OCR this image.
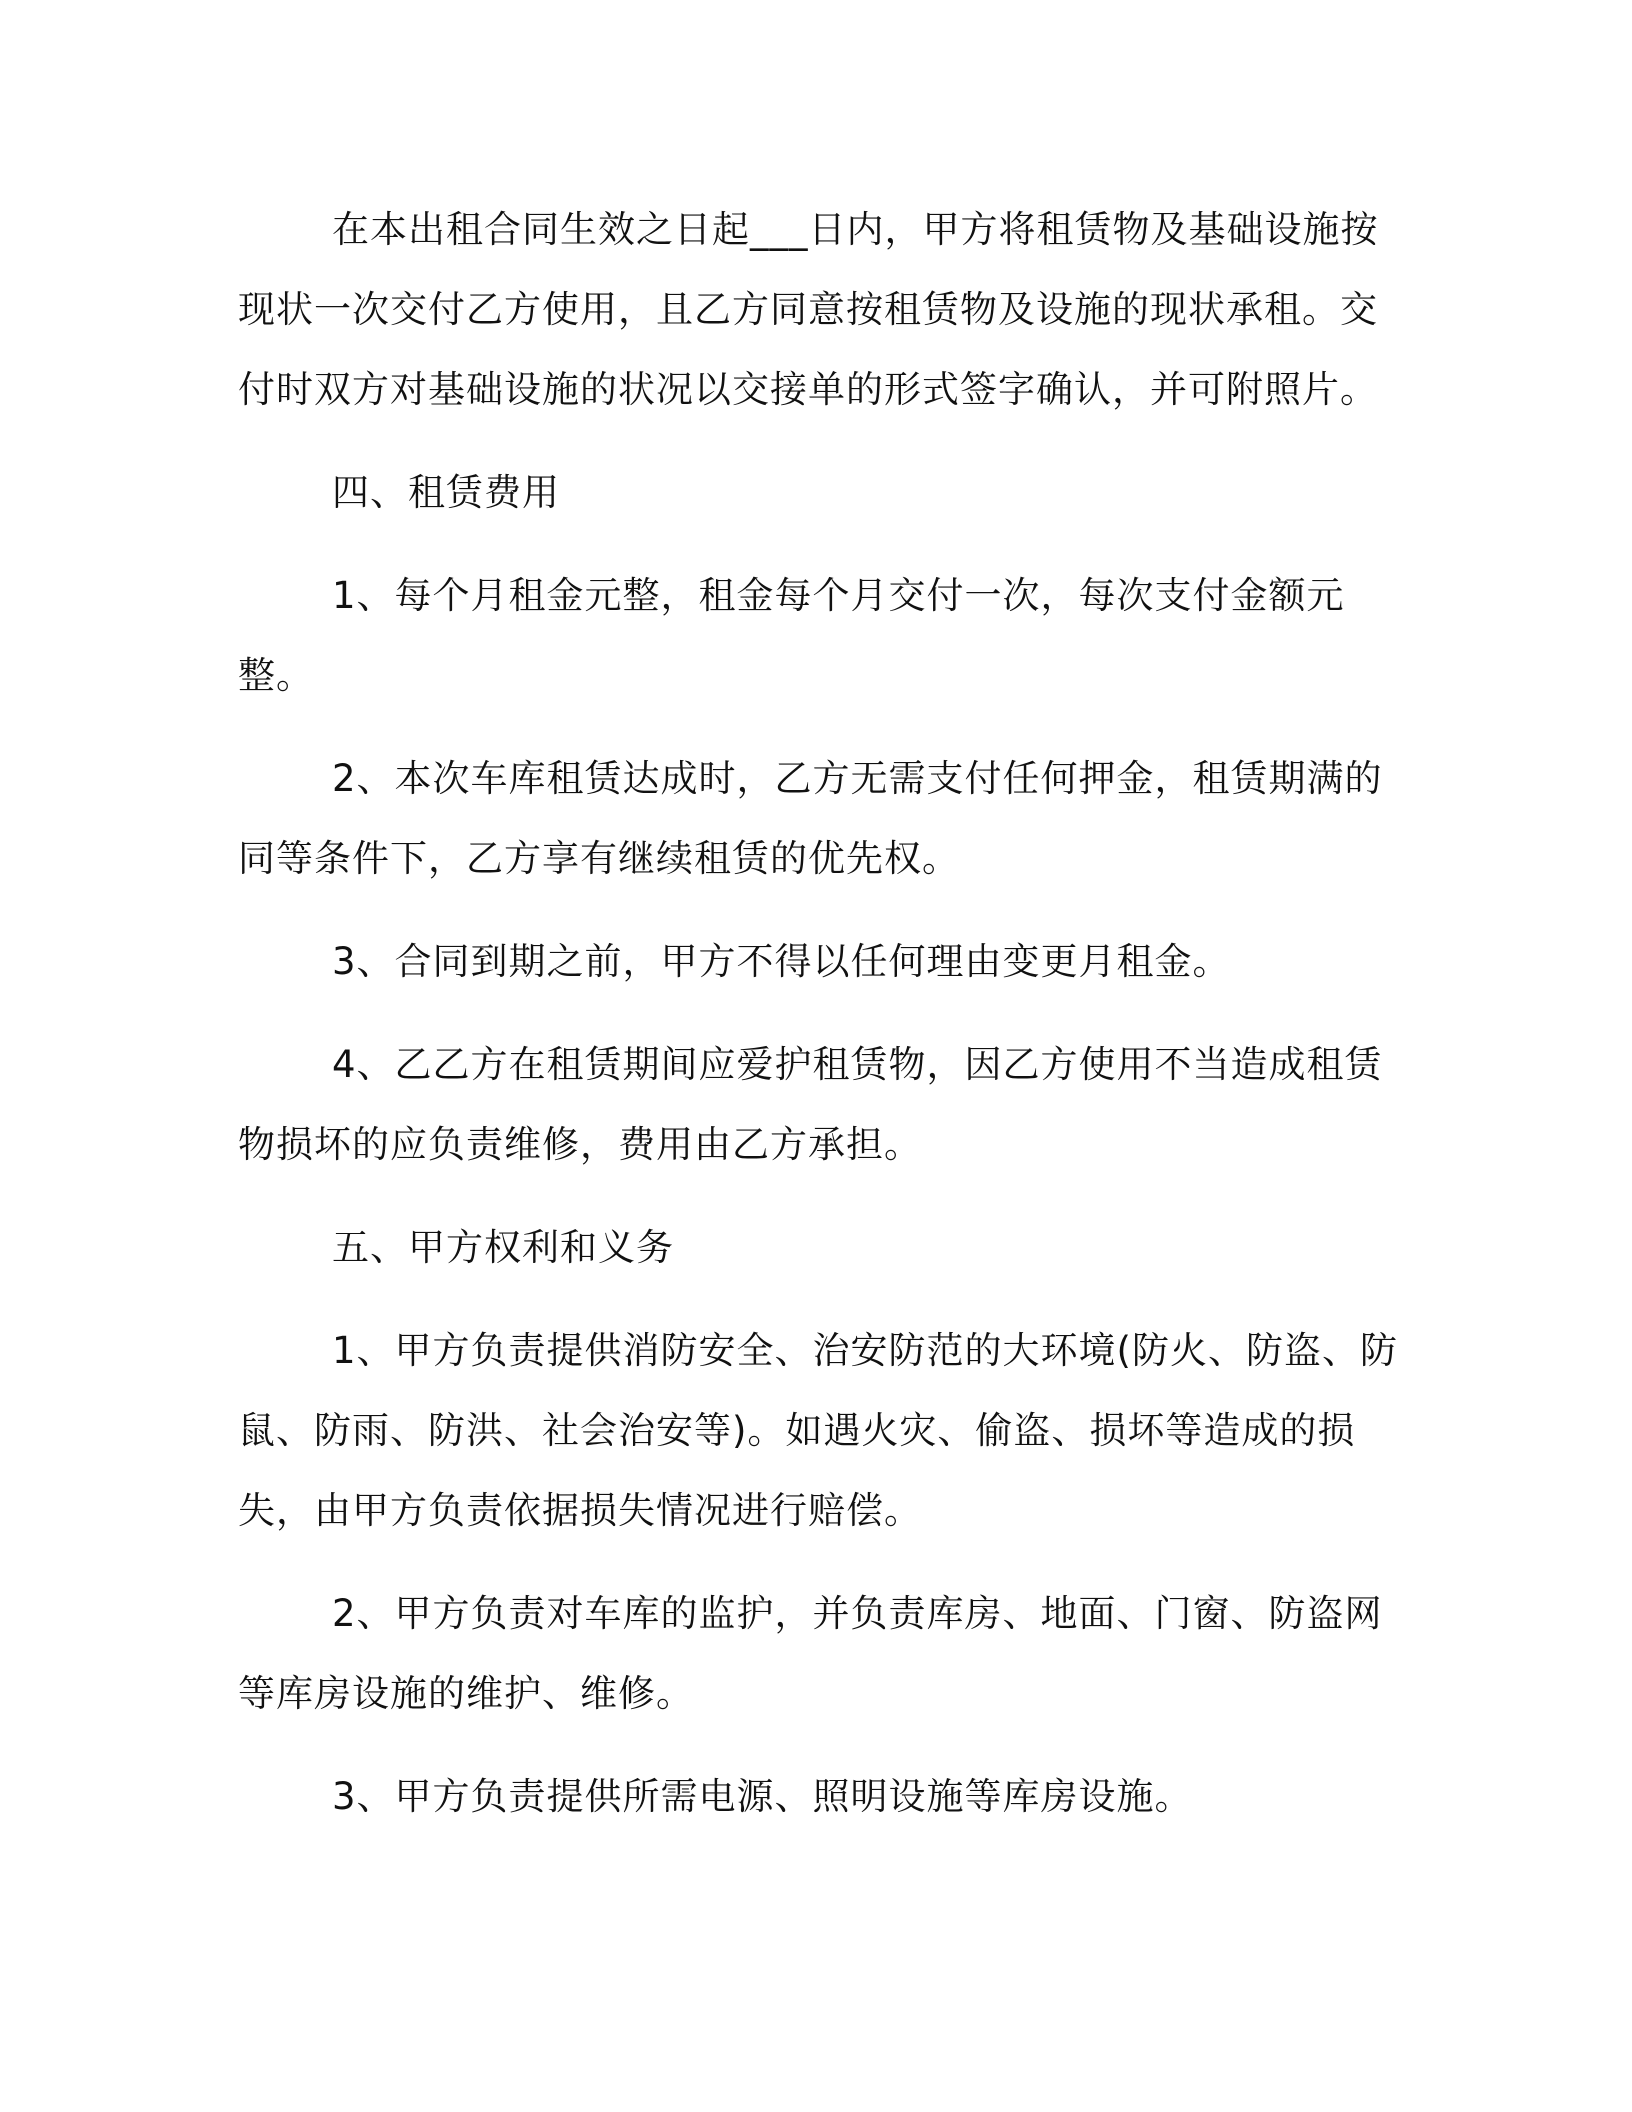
在本出租合同生效之日起___日内，甲方将租赁物及基础设施按现状一次交付乙方使用，且乙方同意按租赁物及设施的现状承租。交付时双方对基础设施的状况以交接单的形式签字确认，并可附照片。

四、租赁费用

1、每个月租金元整，租金每个月交付一次，每次支付金额元整。

2、本次车库租赁达成时，乙方无需支付任何押金，租赁期满的同等条件下，乙方享有继续租赁的优先权。

3、合同到期之前，甲方不得以任何理由变更月租金。

4、乙乙方在租赁期间应爱护租赁物，因乙方使用不当造成租赁物损坏的应负责维修，费用由乙方承担。

五、甲方权利和义务

1、甲方负责提供消防安全、治安防范的大环境(防火、防盗、防鼠、防雨、防洪、社会治安等)。如遇火灾、偷盗、损坏等造成的损失，由甲方负责依据损失情况进行赔偿。

2、甲方负责对车库的监护，并负责库房、地面、门窗、防盗网等库房设施的维护、维修。

3、甲方负责提供所需电源、照明设施等库房设施。
